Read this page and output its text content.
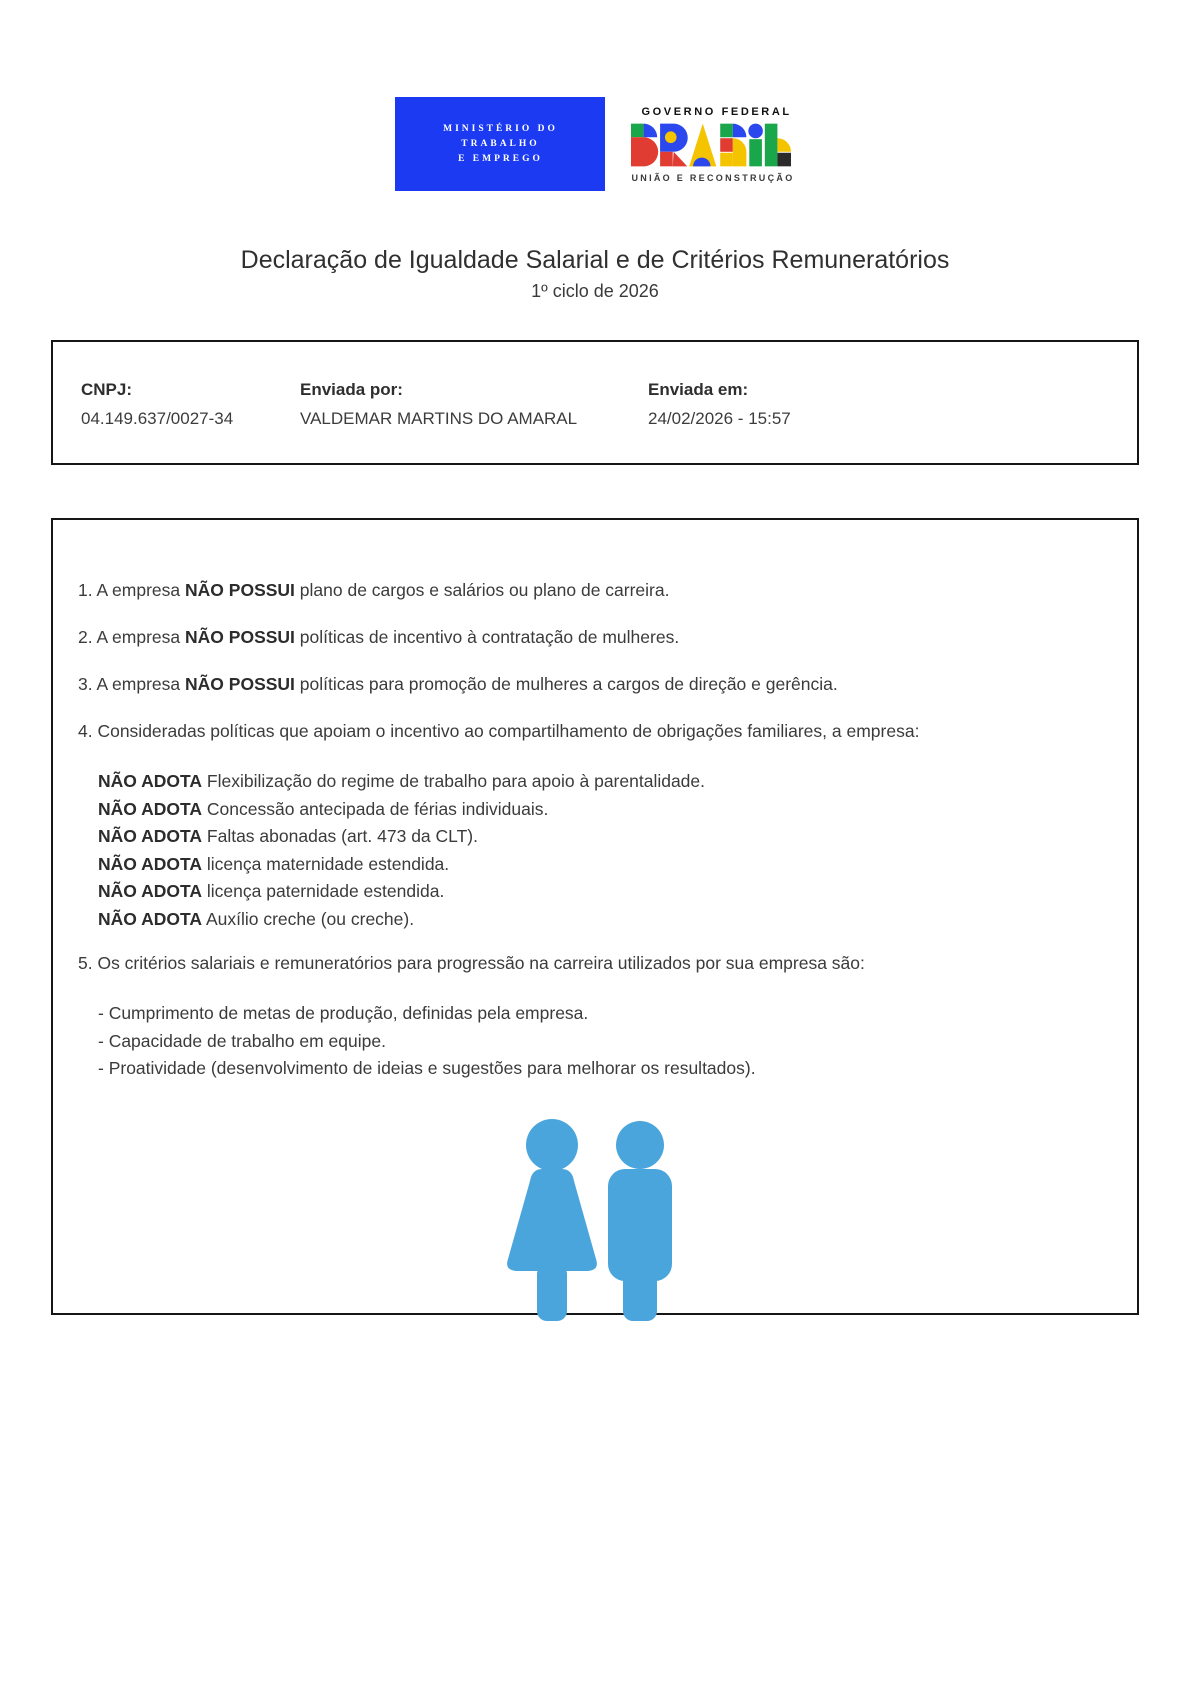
MINISTÉRIO DO
TRABALHO
E EMPREGO
GOVERNO FEDERAL
UNIÃO E RECONSTRUÇÃO
Declaração de Igualdade Salarial e de Critérios Remuneratórios
1º ciclo de 2026
CNPJ:
04.149.637/0027-34
Enviada por:
VALDEMAR MARTINS DO AMARAL
Enviada em:
24/02/2026 - 15:57

1. A empresa NÃO POSSUI plano de cargos e salários ou plano de carreira.

2. A empresa NÃO POSSUI políticas de incentivo à contratação de mulheres.

3. A empresa NÃO POSSUI políticas para promoção de mulheres a cargos de direção e gerência.

4. Consideradas políticas que apoiam o incentivo ao compartilhamento de obrigações familiares, a empresa:

NÃO ADOTA Flexibilização do regime de trabalho para apoio à parentalidade.
NÃO ADOTA Concessão antecipada de férias individuais.
NÃO ADOTA Faltas abonadas (art. 473 da CLT).
NÃO ADOTA licença maternidade estendida.
NÃO ADOTA licença paternidade estendida.
NÃO ADOTA Auxílio creche (ou creche).

5. Os critérios salariais e remuneratórios para progressão na carreira utilizados por sua empresa são:

- Cumprimento de metas de produção, definidas pela empresa.
- Capacidade de trabalho em equipe.
- Proatividade (desenvolvimento de ideias e sugestões para melhorar os resultados).
